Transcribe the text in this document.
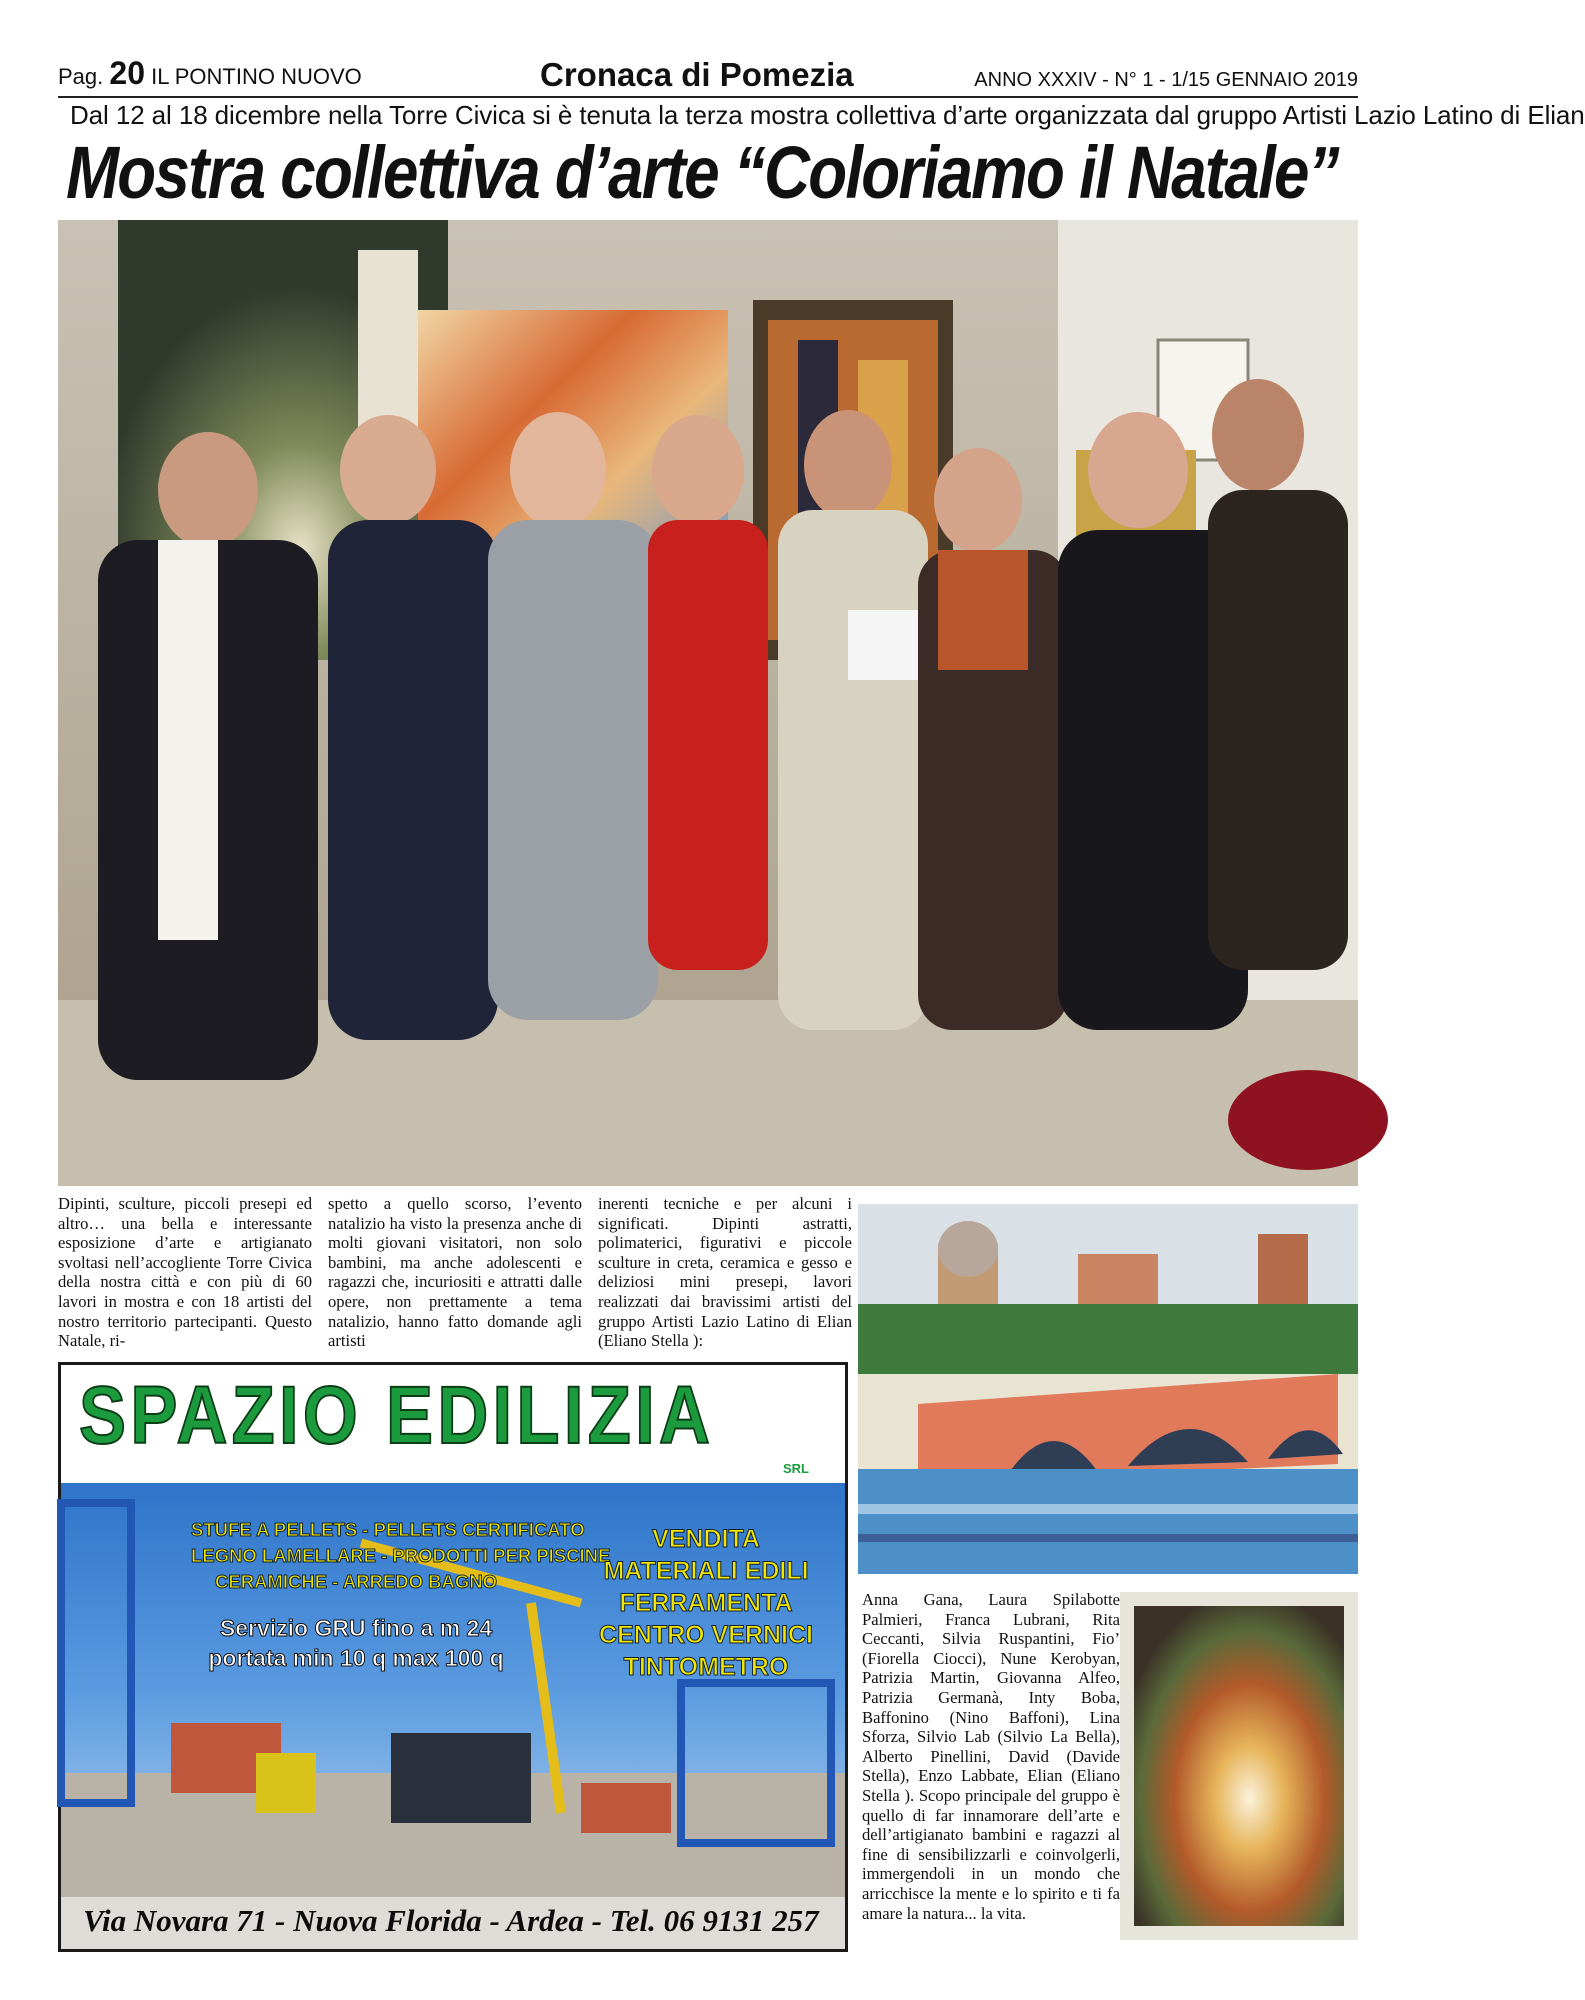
Pag. 20 IL PONTINO NUOVO	Cronaca di Pomezia	ANNO XXXIV - N° 1 - 1/15 GENNAIO 2019
Dal 12 al 18 dicembre nella Torre Civica si è tenuta la terza mostra collettiva d’arte organizzata dal gruppo Artisti Lazio Latino di Elian
Mostra collettiva d’arte “Coloriamo il Natale”
Dipinti, sculture, piccoli presepi ed altro… una bella e interessante esposizione d’arte e artigianato svoltasi nell’accogliente Torre Civica della nostra città e con più di 60 lavori in mostra e con 18 artisti del nostro territorio partecipanti. Questo Natale, ri-
spetto a quello scorso, l’evento natalizio ha visto la presenza anche di molti giovani visitatori, non solo bambini, ma anche adolescenti e ragazzi che, incuriositi e attratti dalle opere, non prettamente a tema natalizio, hanno fatto domande agli artisti
inerenti tecniche e per alcuni i significati. Dipinti astratti, polimaterici, figurativi e piccole sculture in creta, ceramica e gesso e deliziosi mini presepi, lavori realizzati dai bravissimi artisti del gruppo Artisti Lazio Latino di Elian (Eliano Stella ):
Anna Gana, Laura Spilabotte Palmieri, Franca Lubrani, Rita Ceccanti, Silvia Ruspantini, Fio’ (Fiorella Ciocci), Nune Kerobyan, Patrizia Martin, Giovanna Alfeo, Patrizia Germanà, Inty Boba, Baffonino (Nino Baffoni), Lina Sforza, Silvio Lab (Silvio La Bella), Alberto Pinellini, David (Davide Stella), Enzo Labbate, Elian (Eliano Stella ). Scopo principale del gruppo è quello di far innamorare dell’arte e dell’artigianato bambini e ragazzi al fine di sensibilizzarli e coinvolgerli, immergendoli in un mondo che arricchisce la mente e lo spirito e ti fa amare la natura... la vita.
SPAZIO EDILIZIA
SRL
STUFE A PELLETS - PELLETS CERTIFICATO
LEGNO LAMELLARE - PRODOTTI PER PISCINE
CERAMICHE - ARREDO BAGNO
Servizio GRU fino a m 24
portata min 10 q max 100 q
VENDITA
MATERIALI EDILI
FERRAMENTA
CENTRO VERNICI
TINTOMETRO
Via Novara 71 - Nuova Florida - Ardea - Tel. 06 9131 257
